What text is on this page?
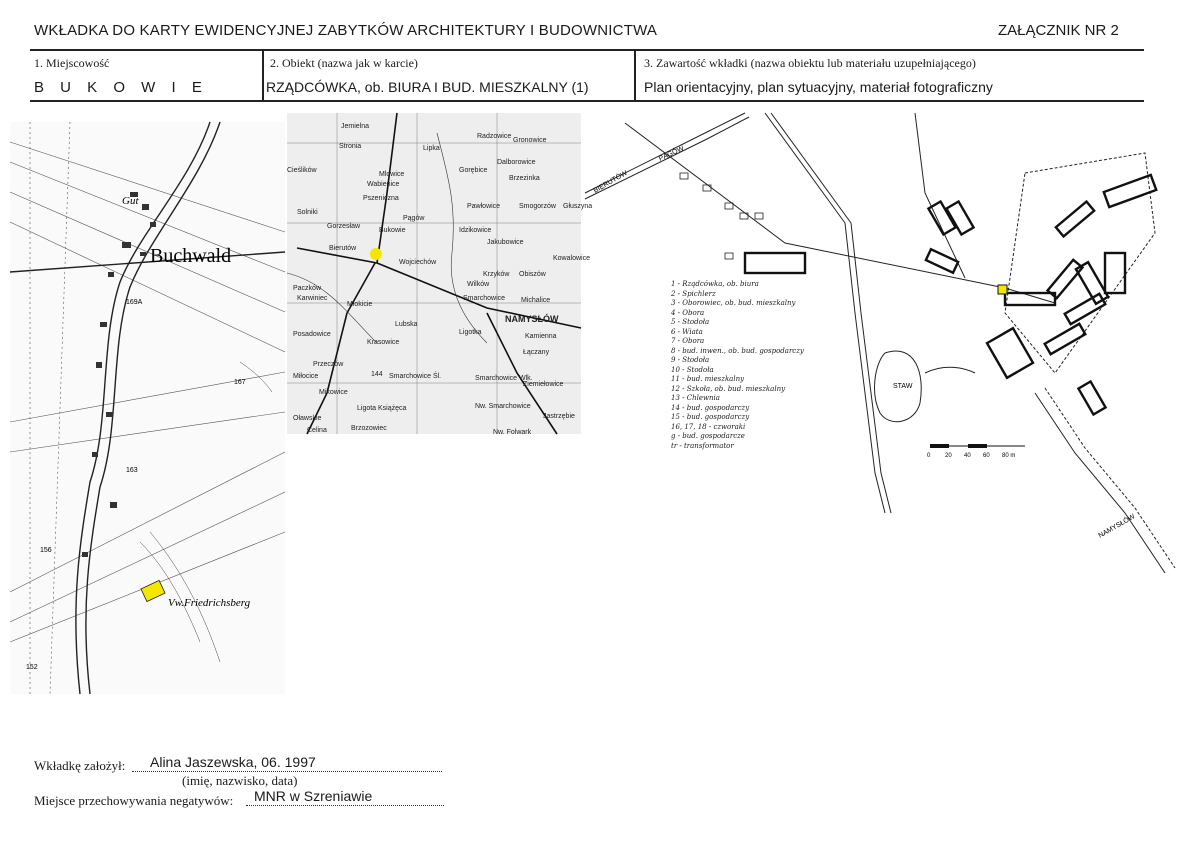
WKŁADKA DO KARTY EWIDENCYJNEJ ZABYTKÓW ARCHITEKTURY I BUDOWNICTWA	ZAŁĄCZNIK NR 2
1. Miejscowość
B U K O W I E
2. Obiekt (nazwa jak w karcie)
RZĄDCÓWKA, ob. BIURA I BUD. MIESZKALNY (1)
3. Zawartość wkładki (nazwa obiektu lub materiału uzupełniającego)
Plan orientacyjny, plan sytuacyjny, materiał fotograficzny
Gut
Buchwald
Vw.Friedrichsberg
169A
167
163
156
152
Jemielna
Radzowice
Gronowice
Stronia	Lipka
Dalborowice
Cieślików
Mlowice
Gorębice
Brzezinka
Wabienice
Pszeniczna
Pawłowice	Smogorzów Głuszyna
Solniki
Gorzesław
Pągów
Idzikowice
Jakubowice
Bukowie
Bierutów
Wojciechów
Krzyków Obiszów
Kowalowice
Paczków
Wilków
Karwiniec	Smarchowice Michalice
Młokicie
Lubska
NAMYSŁÓW
Posadowice	Ligotka
Kamienna
Krasowice
Łączany
Przeczów
Smarchowice Śl.
Mikowice
Miłocice	Smarchowice Wlk.
Ziemiełowice
Ligota Książęca	Nw. Smarchowice
Jastrzębie
Brzozowiec
Celina	Nw. Folwark
Oławskie
144
PĄGÓW
BIERUTÓW
NAMYSŁÓW
STAW
0 20 40 60 80 m
1 - Rządcówka, ob. biura
2 - Spichlerz
3 - Oborowiec, ob. bud. mieszkalny
4 - Obora
5 - Stodoła
6 - Wiata
7 - Obora
8 - bud. inwen., ob. bud. gospodarczy
9 - Stodoła
10 - Stodoła
11 - bud. mieszkalny
12 - Szkoła, ob. bud. mieszkalny
13 - Chlewnia
14 - bud. gospodarczy
15 - bud. gospodarczy
16, 17, 18 - czworaki
g - bud. gospodarcze
tr - transformator
Wkładkę założył: Alina Jaszewska, 06. 1997
(imię, nazwisko, data)
Miejsce przechowywania negatywów: MNR w Szreniawie
